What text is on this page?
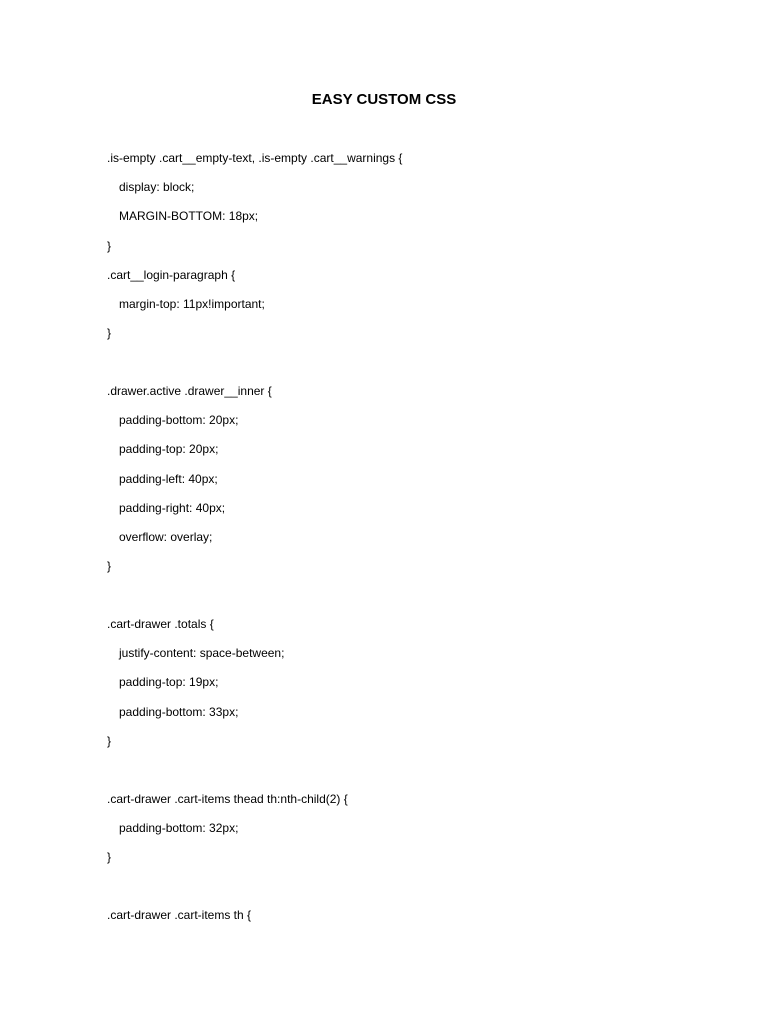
EASY CUSTOM CSS
.is-empty .cart__empty-text, .is-empty .cart__warnings {
display: block;
MARGIN-BOTTOM: 18px;
}
.cart__login-paragraph {
margin-top: 11px!important;
}
.drawer.active .drawer__inner {
padding-bottom: 20px;
padding-top: 20px;
padding-left: 40px;
padding-right: 40px;
overflow: overlay;
}
.cart-drawer .totals {
justify-content: space-between;
padding-top: 19px;
padding-bottom: 33px;
}
.cart-drawer .cart-items thead th:nth-child(2) {
padding-bottom: 32px;
}
.cart-drawer .cart-items th {
